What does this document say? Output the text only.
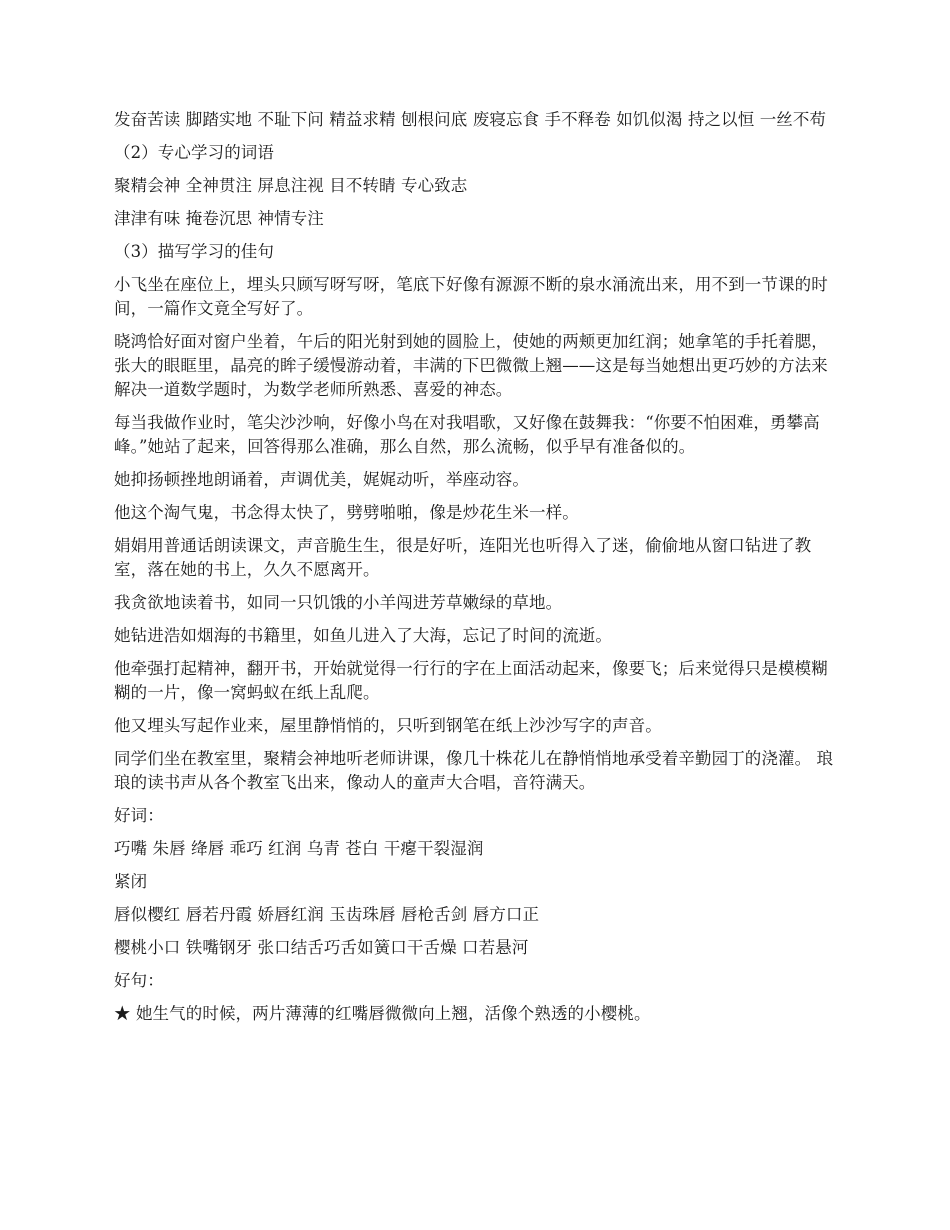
发奋苦读 脚踏实地 不耻下问 精益求精 刨根问底 废寝忘食 手不释卷 如饥似渴 持之以恒 一丝不苟

（2）专心学习的词语

聚精会神 全神贯注 屏息注视 目不转睛 专心致志

津津有味 掩卷沉思 神情专注

（3）描写学习的佳句

小飞坐在座位上，埋头只顾写呀写呀，笔底下好像有源源不断的泉水涌流出来，用不到一节课的时间，一篇作文竟全写好了。

晓鸿恰好面对窗户坐着，午后的阳光射到她的圆脸上，使她的两颊更加红润；她拿笔的手托着腮，张大的眼眶里，晶亮的眸子缓慢游动着，丰满的下巴微微上翘——这是每当她想出更巧妙的方法来解决一道数学题时，为数学老师所熟悉、喜爱的神态。

每当我做作业时，笔尖沙沙响，好像小鸟在对我唱歌，又好像在鼓舞我：“你要不怕困难，勇攀高峰。”她站了起来，回答得那么准确，那么自然，那么流畅，似乎早有准备似的。

她抑扬顿挫地朗诵着，声调优美，娓娓动听，举座动容。

他这个淘气鬼，书念得太快了，劈劈啪啪，像是炒花生米一样。

娟娟用普通话朗读课文，声音脆生生，很是好听，连阳光也听得入了迷，偷偷地从窗口钻进了教室，落在她的书上，久久不愿离开。

我贪欲地读着书，如同一只饥饿的小羊闯进芳草嫩绿的草地。

她钻进浩如烟海的书籍里，如鱼儿进入了大海，忘记了时间的流逝。

他牵强打起精神，翻开书，开始就觉得一行行的字在上面活动起来，像要飞；后来觉得只是模模糊糊的一片，像一窝蚂蚁在纸上乱爬。

他又埋头写起作业来，屋里静悄悄的，只听到钢笔在纸上沙沙写字的声音。

同学们坐在教室里，聚精会神地听老师讲课，像几十株花儿在静悄悄地承受着辛勤园丁的浇灌。 琅琅的读书声从各个教室飞出来，像动人的童声大合唱，音符满天。

好词：

巧嘴 朱唇 绛唇 乖巧 红润 乌青 苍白 干瘪干裂湿润

紧闭

唇似樱红 唇若丹霞 娇唇红润 玉齿珠唇 唇枪舌剑 唇方口正

樱桃小口 铁嘴钢牙 张口结舌巧舌如簧口干舌燥 口若悬河

好句：

★ 她生气的时候，两片薄薄的红嘴唇微微向上翘，活像个熟透的小樱桃。
